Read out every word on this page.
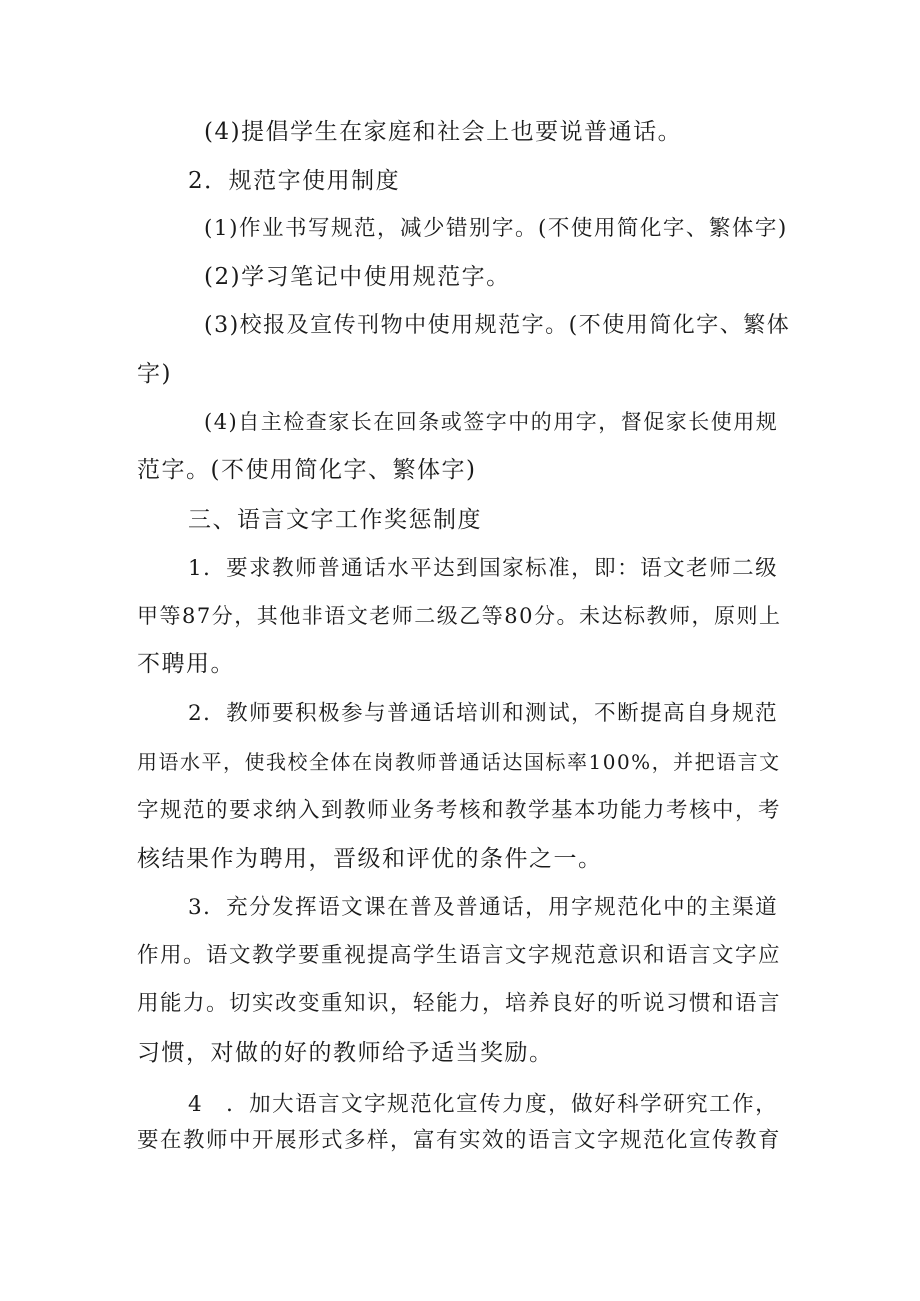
(4)提倡学生在家庭和社会上也要说普通话。
2．规范字使用制度
(1)作业书写规范，减少错别字。(不使用简化字、繁体字)
(2)学习笔记中使用规范字。
(3)校报及宣传刊物中使用规范字。(不使用简化字、繁体
字)
(4)自主检查家长在回条或签字中的用字，督促家长使用规
范字。(不使用简化字、繁体字)
三、语言文字工作奖惩制度
1．要求教师普通话水平达到国家标准，即：语文老师二级
甲等87分，其他非语文老师二级乙等80分。未达标教师，原则上
不聘用。
2．教师要积极参与普通话培训和测试，不断提高自身规范
用语水平，使我校全体在岗教师普通话达国标率100%，并把语言文
字规范的要求纳入到教师业务考核和教学基本功能力考核中，考
核结果作为聘用，晋级和评优的条件之一。
3．充分发挥语文课在普及普通话，用字规范化中的主渠道
作用。语文教学要重视提高学生语言文字规范意识和语言文字应
用能力。切实改变重知识，轻能力，培养良好的听说习惯和语言
习惯，对做的好的教师给予适当奖励。
4　．加大语言文字规范化宣传力度，做好科学研究工作，
要在教师中开展形式多样，富有实效的语言文字规范化宣传教育
